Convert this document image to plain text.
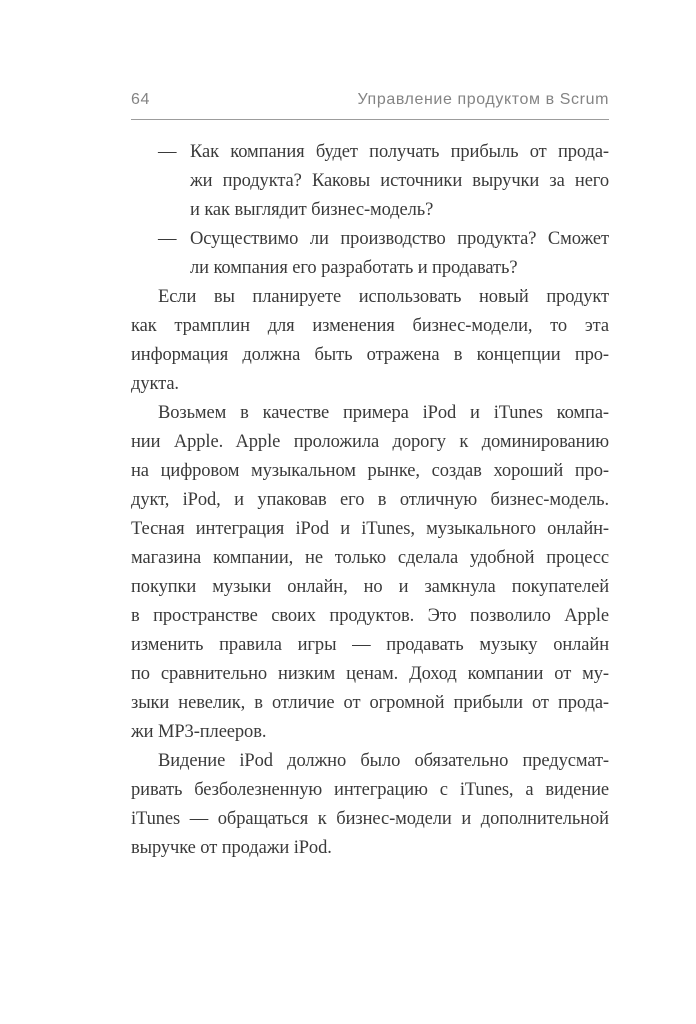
64	Управление продуктом в Scrum
— Как компания будет получать прибыль от прода-
жи продукта? Каковы источники выручки за него
и как выглядит бизнес-модель?
— Осуществимо ли производство продукта? Сможет
ли компания его разработать и продавать?
Если вы планируете использовать новый продукт
как трамплин для изменения бизнес-модели, то эта
информация должна быть отражена в концепции про-
дукта.
Возьмем в качестве примера iPod и iTunes компа-
нии Apple. Apple проложила дорогу к доминированию
на цифровом музыкальном рынке, создав хороший про-
дукт, iPod, и упаковав его в отличную бизнес-модель.
Тесная интеграция iPod и iTunes, музыкального онлайн-
магазина компании, не только сделала удобной процесс
покупки музыки онлайн, но и замкнула покупателей
в пространстве своих продуктов. Это позволило Apple
изменить правила игры — продавать музыку онлайн
по сравнительно низким ценам. Доход компании от му-
зыки невелик, в отличие от огромной прибыли от прода-
жи MP3-плееров.
Видение iPod должно было обязательно предусмат-
ривать безболезненную интеграцию с iTunes, а видение
iTunes — обращаться к бизнес-модели и дополнительной
выручке от продажи iPod.
